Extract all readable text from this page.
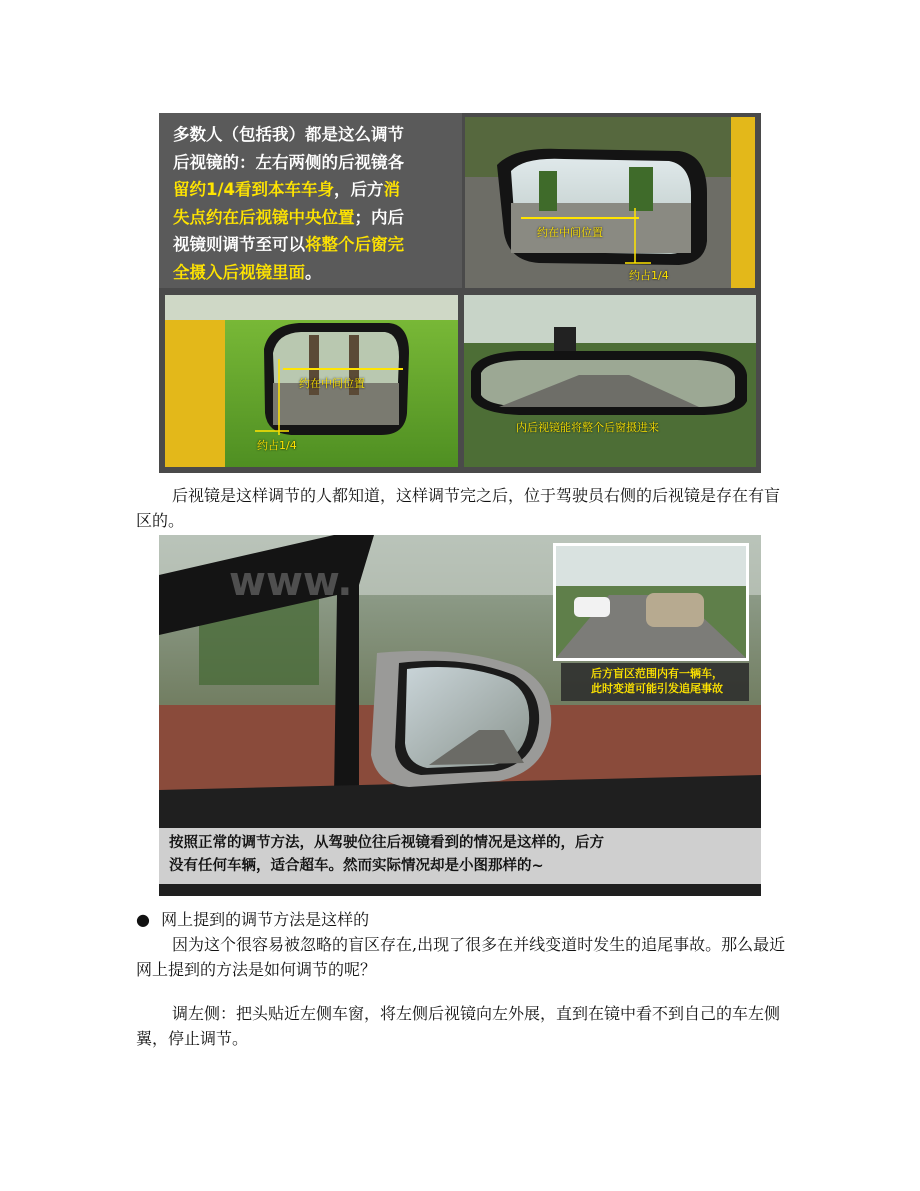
多数人（包括我）都是这么调节
后视镜的：左右两侧的后视镜各
留约1/4看到本车车身，后方消
失点约在后视镜中央位置；内后
视镜则调节至可以将整个后窗完
全摄入后视镜里面。
约在中间位置
约占1/4
约在中间位置
约占1/4
内后视镜能将整个后窗摄进来

后视镜是这样调节的人都知道，这样调节完之后，位于驾驶员右侧的后视镜是存在有盲区的。

www.
后方盲区范围内有一辆车，
此时变道可能引发追尾事故
按照正常的调节方法，从驾驶位往后视镜看到的情况是这样的，后方
没有任何车辆，适合超车。然而实际情况却是小图那样的~
● 网上提到的调节方法是这样的

因为这个很容易被忽略的盲区存在,出现了很多在并线变道时发生的追尾事故。那么最近网上提到的方法是如何调节的呢？

调左侧：把头贴近左侧车窗，将左侧后视镜向左外展，直到在镜中看不到自己的车左侧翼，停止调节。
